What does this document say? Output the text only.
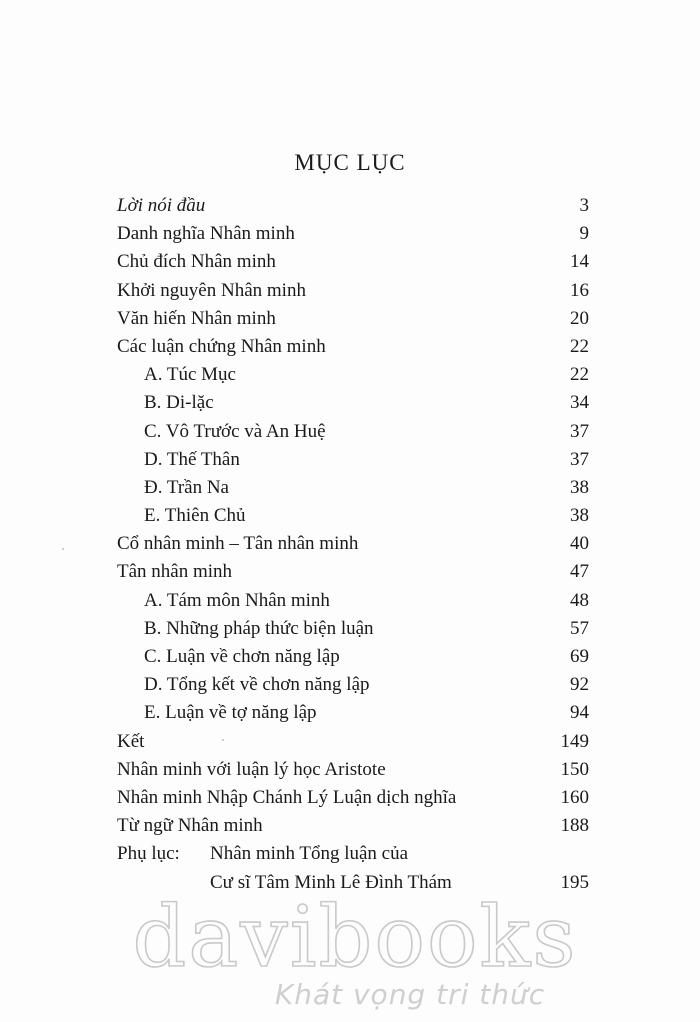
MỤC LỤC
Lời nói đầu	3
Danh nghĩa Nhân minh	9
Chủ đích Nhân minh	14
Khởi nguyên Nhân minh	16
Văn hiến Nhân minh	20
Các luận chứng Nhân minh	22
A. Túc Mục	22
B. Di-lặc	34
C. Vô Trước và An Huệ	37
D. Thế Thân	37
Đ. Trần Na	38
E. Thiên Chủ	38
Cổ nhân minh – Tân nhân minh	40
Tân nhân minh	47
A. Tám môn Nhân minh	48
B. Những pháp thức biện luận	57
C. Luận về chơn năng lập	69
D. Tổng kết về chơn năng lập	92
E. Luận về tợ năng lập	94
Kết	149
Nhân minh với luận lý học Aristote	150
Nhân minh Nhập Chánh Lý Luận dịch nghĩa	160
Từ ngữ Nhân minh	188
Phụ lục: Nhân minh Tổng luận của
Cư sĩ Tâm Minh Lê Đình Thám	195
davibooks
Khát vọng tri thức
